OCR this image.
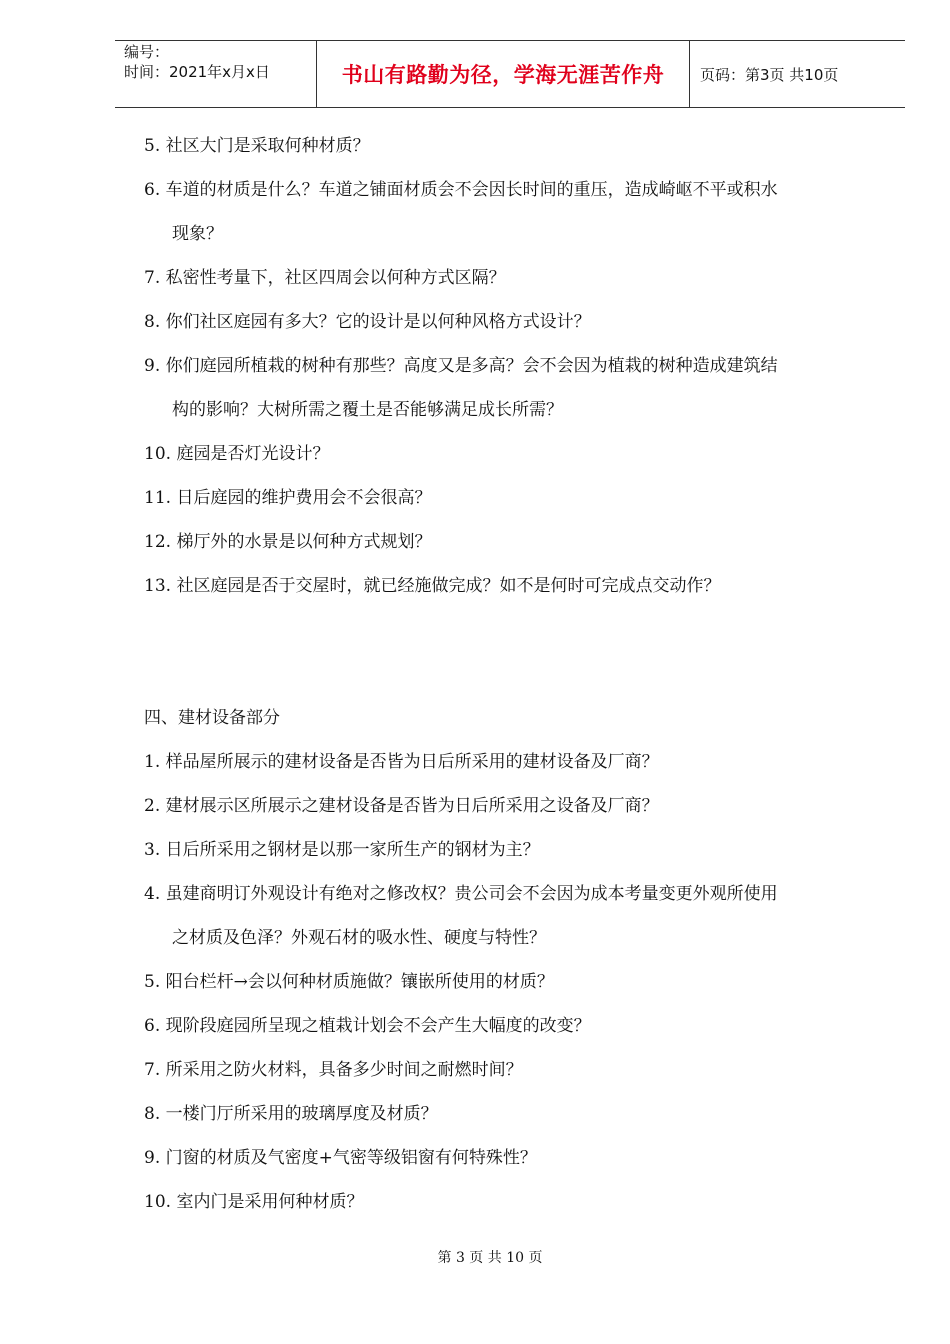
编号：
时间：2021年x月x日	书山有路勤为径，学海无涯苦作舟	页码：第3页 共10页
5. 社区大门是采取何种材质？
6. 车道的材质是什么？车道之铺面材质会不会因长时间的重压，造成崎岖不平或积水
现象？
7. 私密性考量下，社区四周会以何种方式区隔？
8. 你们社区庭园有多大？它的设计是以何种风格方式设计？
9. 你们庭园所植栽的树种有那些？高度又是多高？会不会因为植栽的树种造成建筑结
构的影响？大树所需之覆土是否能够满足成长所需？
10. 庭园是否灯光设计？
11. 日后庭园的维护费用会不会很高？
12. 梯厅外的水景是以何种方式规划？
13. 社区庭园是否于交屋时，就已经施做完成？如不是何时可完成点交动作？
四、建材设备部分
1. 样品屋所展示的建材设备是否皆为日后所采用的建材设备及厂商？
2. 建材展示区所展示之建材设备是否皆为日后所采用之设备及厂商？
3. 日后所采用之钢材是以那一家所生产的钢材为主？
4. 虽建商明订外观设计有绝对之修改权？贵公司会不会因为成本考量变更外观所使用
之材质及色泽？外观石材的吸水性、硬度与特性？
5. 阳台栏杆→会以何种材质施做？镶嵌所使用的材质？
6. 现阶段庭园所呈现之植栽计划会不会产生大幅度的改变？
7. 所采用之防火材料，具备多少时间之耐燃时间？
8. 一楼门厅所采用的玻璃厚度及材质？
9. 门窗的材质及气密度+气密等级铝窗有何特殊性？
10. 室内门是采用何种材质？
第 3 页 共 10 页
